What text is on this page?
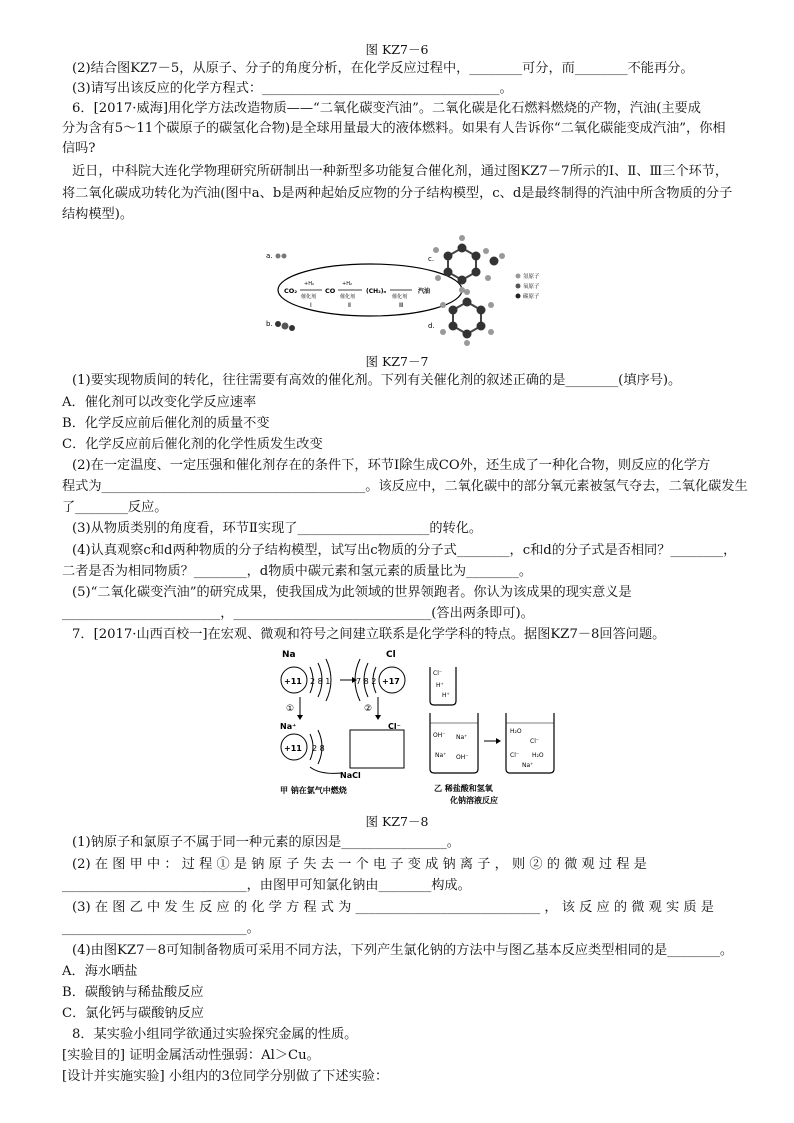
图 KZ7－6
(2)结合图KZ7－5，从原子、分子的角度分析，在化学反应过程中，________可分，而________不能再分。
(3)请写出该反应的化学方程式：____________________________________。
6．[2017·威海]用化学方法改造物质——“二氧化碳变汽油”。二氧化碳是化石燃料燃烧的产物，汽油(主要成
分为含有5～11个碳原子的碳氢化合物)是全球用量最大的液体燃料。如果有人告诉你“二氧化碳能变成汽油”，你相
信吗?
近日，中科院大连化学物理研究所研制出一种新型多功能复合催化剂，通过图KZ7－7所示的Ⅰ、Ⅱ、Ⅲ三个环节，
将二氧化碳成功转化为汽油(图中a、b是两种起始反应物的分子结构模型，c、d是最终制得的汽油中所含物质的分子
结构模型)。
a.
CO₂
+H₂
催化剂
Ⅰ
CO
+H₂
催化剂
Ⅱ
(CH₂)ₙ
催化剂
Ⅲ
汽油
b.
c.
d.
氢原子
氧原子
碳原子
图 KZ7－7
(1)要实现物质间的转化，往往需要有高效的催化剂。下列有关催化剂的叙述正确的是________(填序号)。
A．催化剂可以改变化学反应速率
B．化学反应前后催化剂的质量不变
C．化学反应前后催化剂的化学性质发生改变
(2)在一定温度、一定压强和催化剂存在的条件下，环节Ⅰ除生成CO外，还生成了一种化合物，则反应的化学方
程式为________________________________________。该反应中，二氧化碳中的部分氧元素被氢气夺去，二氧化碳发生
了________反应。
(3)从物质类别的角度看，环节Ⅱ实现了____________________的转化。
(4)认真观察c和d两种物质的分子结构模型，试写出c物质的分子式________，c和d的分子式是否相同？________，
二者是否为相同物质？________，d物质中碳元素和氢元素的质量比为________。
(5)“二氧化碳变汽油”的研究成果，使我国成为此领域的世界领跑者。你认为该成果的现实意义是
________________________，______________________________(答出两条即可)。
7．[2017·山西百校一]在宏观、微观和符号之间建立联系是化学学科的特点。据图KZ7－8回答问题。
Na
+11 2 8 1
Cl
+17
7 8 2
①	②
Na⁺
+11 2 8
Cl⁻
NaCl
甲 钠在氯气中燃烧
Cl⁻
H⁺
H⁺
OH⁻ Na⁺
Na⁺ OH⁻
H₂O
Cl⁻
Cl⁻ H₂O
Na⁺
乙 稀盐酸和氢氧
化钠溶液反应
图 KZ7－8
(1)钠原子和氯原子不属于同一种元素的原因是________________。
(2) 在 图 甲 中 ： 过 程 ① 是 钠 原 子 失 去 一 个 电 子 变 成 钠 离 子 ， 则 ② 的 微 观 过 程 是
____________________________，由图甲可知氯化钠由________构成。
(3) 在 图 乙 中 发 生 反 应 的 化 学 方 程 式 为 ____________________________ ， 该 反 应 的 微 观 实 质 是
____________________________。
(4)由图KZ7－8可知制备物质可采用不同方法，下列产生氯化钠的方法中与图乙基本反应类型相同的是________。
A．海水晒盐
B．碳酸钠与稀盐酸反应
C．氯化钙与碳酸钠反应
8．某实验小组同学欲通过实验探究金属的性质。
[实验目的] 证明金属活动性强弱：Al＞Cu。
[设计并实施实验] 小组内的3位同学分别做了下述实验：
